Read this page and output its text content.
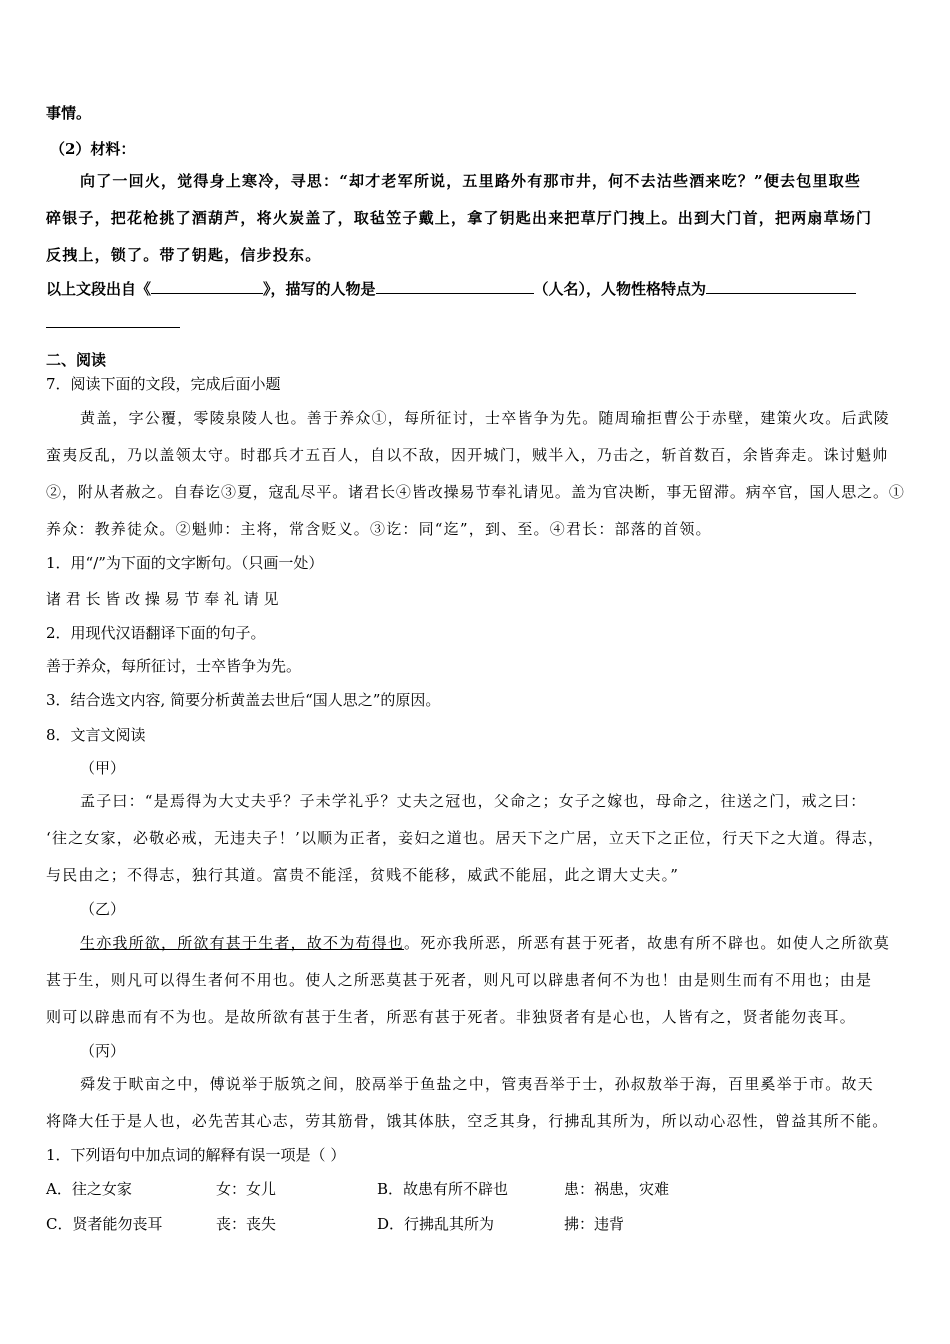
事情。
（2）材料：
向了一回火，觉得身上寒冷，寻思：“却才老军所说，五里路外有那市井，何不去沽些酒来吃？”便去包里取些
碎银子，把花枪挑了酒葫芦，将火炭盖了，取毡笠子戴上，拿了钥匙出来把草厅门拽上。出到大门首，把两扇草场门
反拽上，锁了。带了钥匙，信步投东。
以上文段出自《	》，描写的人物是	（人名），人物性格特点为
二、阅读
7．阅读下面的文段，完成后面小题
黄盖，字公覆，零陵泉陵人也。善于养众①，每所征讨，士卒皆争为先。随周瑜拒曹公于赤壁，建策火攻。后武陵
蛮夷反乱，乃以盖领太守。时郡兵才五百人，自以不敌，因开城门，贼半入，乃击之，斩首数百，余皆奔走。诛讨魁帅
②，附从者赦之。自春讫③夏，寇乱尽平。诸君长④皆改操易节奉礼请见。盖为官决断，事无留滞。病卒官，国人思之。①
养众：教养徒众。②魁帅：主将，常含贬义。③讫：同“迄”，到、至。④君长：部落的首领。
1．用“/”为下面的文字断句。（只画一处）
诸 君 长 皆 改 操 易 节 奉 礼 请 见
2．用现代汉语翻译下面的句子。
善于养众，每所征讨，士卒皆争为先。
3．结合选文内容, 简要分析黄盖去世后“国人思之”的原因。
8．文言文阅读
（甲）
孟子曰：“是焉得为大丈夫乎？子未学礼乎？丈夫之冠也，父命之；女子之嫁也，母命之，往送之门，戒之曰：
‘往之女家，必敬必戒，无违夫子！’以顺为正者，妾妇之道也。居天下之广居，立天下之正位，行天下之大道。得志，
与民由之；不得志，独行其道。富贵不能淫，贫贱不能移，威武不能屈，此之谓大丈夫。”
（乙）
生亦我所欲，所欲有甚于生者，故不为苟得也。死亦我所恶，所恶有甚于死者，故患有所不辟也。如使人之所欲莫
甚于生，则凡可以得生者何不用也。使人之所恶莫甚于死者，则凡可以辟患者何不为也！由是则生而有不用也；由是
则可以辟患而有不为也。是故所欲有甚于生者，所恶有甚于死者。非独贤者有是心也，人皆有之，贤者能勿丧耳。
（丙）
舜发于畎亩之中，傅说举于版筑之间，胶鬲举于鱼盐之中，管夷吾举于士，孙叔敖举于海，百里奚举于市。故天
将降大任于是人也，必先苦其心志，劳其筋骨，饿其体肤，空乏其身，行拂乱其所为，所以动心忍性，曾益其所不能。
1．下列语句中加点词的解释有误一项是（ ）
A．往之女家	女：女儿	B．故患有所不辟也	患：祸患，灾难
C．贤者能勿丧耳	丧：丧失	D．行拂乱其所为	拂：违背
